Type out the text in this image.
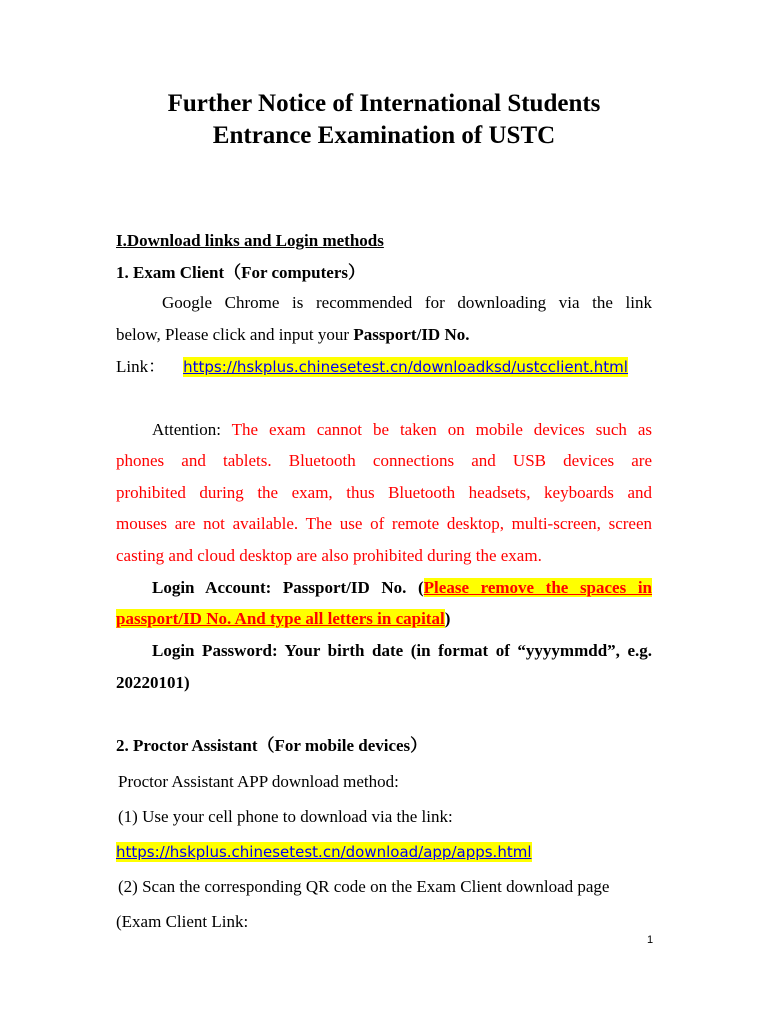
Further Notice of International Students
Entrance Examination of USTC
I.Download links and Login methods
1. Exam Client（For computers）
Google Chrome is recommended for downloading via the link
below, Please click and input your Passport/ID No.
Link： https://hskplus.chinesetest.cn/downloadksd/ustcclient.html
Attention: The exam cannot be taken on mobile devices such as
phones and tablets. Bluetooth connections and USB devices are
prohibited during the exam, thus Bluetooth headsets, keyboards and
mouses are not available. The use of remote desktop, multi-screen, screen
casting and cloud desktop are also prohibited during the exam.
Login Account: Passport/ID No. (Please remove the spaces in
passport/ID No. And type all letters in capital)
Login Password: Your birth date (in format of “yyyymmdd”, e.g.
20220101)
2. Proctor Assistant（For mobile devices）
Proctor Assistant APP download method:
(1) Use your cell phone to download via the link:
https://hskplus.chinesetest.cn/download/app/apps.html
(2) Scan the corresponding QR code on the Exam Client download page
(Exam Client Link:
1
